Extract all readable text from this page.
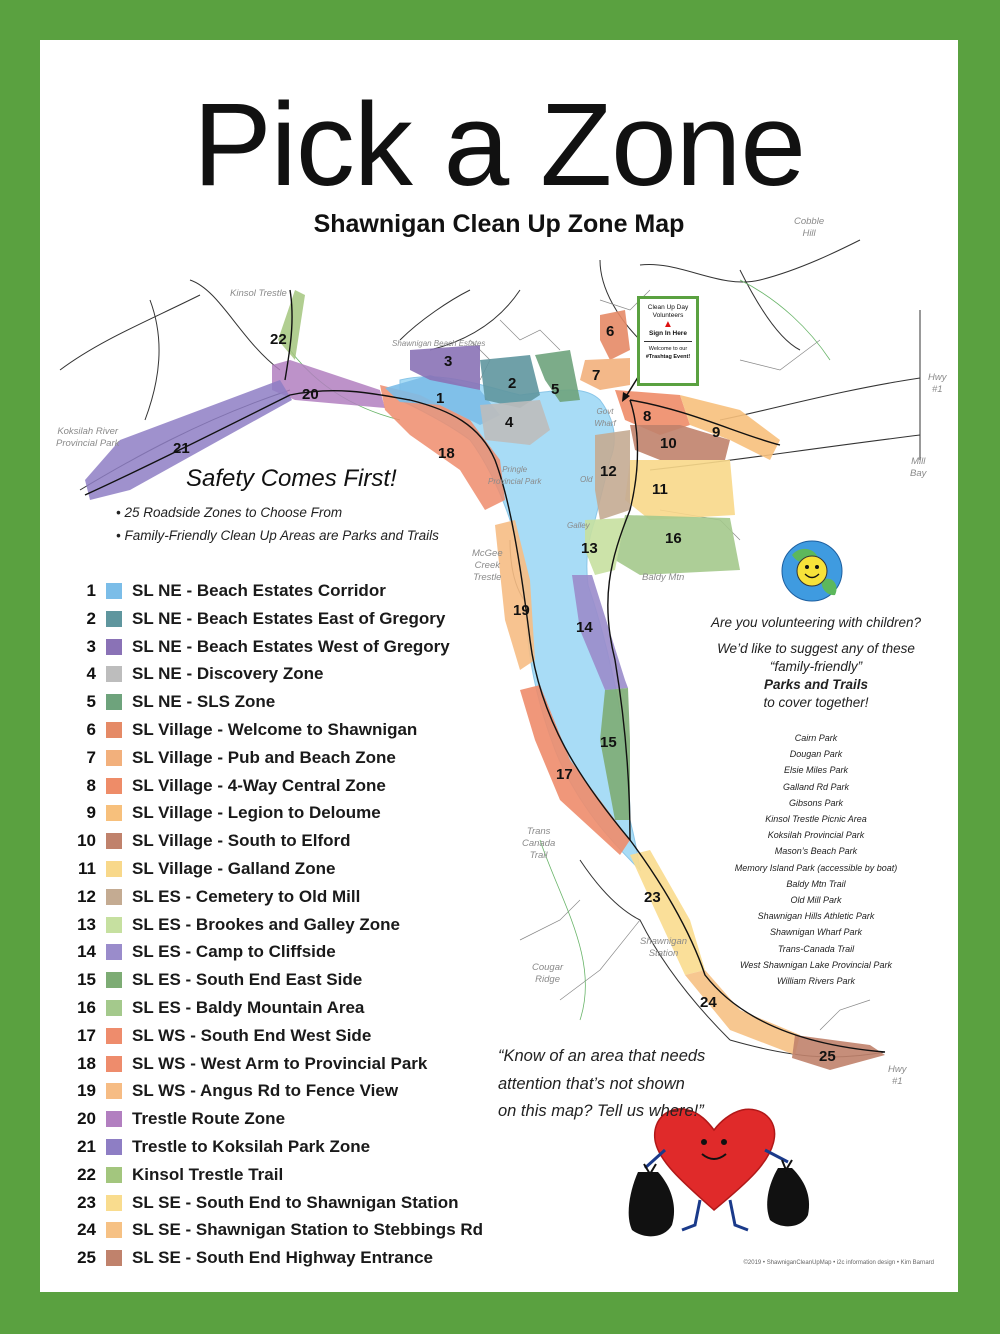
22
20
21	18
1
3
2
4
5
6
7
8
9
10
11
12
16
13
14
15
19
17
23
24
25
Pick a Zone
Shawnigan Clean Up Zone Map
Kinsol Trestle
Shawnigan Beach Estates
Koksilah River
Provincial Park
Cobble
Hill
Hwy
#1
Mill
Bay
Govt Wharf
Old
Galley
Pringle
Provincial Park
McGee
Creek
Trestle	Baldy Mtn
Trans
Canada
Trail
Shawnigan
Station
Cougar
Ridge
Hwy
#1
Clean Up Day
Volunteers
▲
Sign In Here
Welcome to our
#Trashtag Event!
Safety Comes First!
• 25 Roadside Zones to Choose From
• Family-Friendly Clean Up Areas are Parks and Trails
1 SL NE - Beach Estates Corridor
2 SL NE - Beach Estates East of Gregory
3 SL NE - Beach Estates West of Gregory
4 SL NE - Discovery Zone
5 SL NE - SLS Zone
6 SL Village - Welcome to Shawnigan
7 SL Village - Pub and Beach Zone
8 SL Village - 4-Way Central Zone
9 SL Village - Legion to Deloume
10 SL Village - South to Elford
11 SL Village - Galland Zone
12 SL ES - Cemetery to Old Mill
13 SL ES - Brookes and Galley Zone
14 SL ES - Camp to Cliffside
15 SL ES - South End East Side
16 SL ES - Baldy Mountain Area
17 SL WS - South End West Side
18 SL WS - West Arm to Provincial Park
19 SL WS - Angus Rd to Fence View
20 Trestle Route Zone
21 Trestle to Koksilah Park Zone
22 Kinsol Trestle Trail
23 SL SE - South End to Shawnigan Station
24 SL SE - Shawnigan Station to Stebbings Rd
25 SL SE - South End Highway Entrance
Are you volunteering with children?
We’d like to suggest any of these
“family-friendly”
Parks and Trails
to cover together!
Cairn Park
Dougan Park
Elsie Miles Park
Galland Rd Park
Gibsons Park
Kinsol Trestle Picnic Area
Koksilah Provincial Park
Mason’s Beach Park
Memory Island Park (accessible by boat)
Baldy Mtn Trail
Old Mill Park
Shawnigan Hills Athletic Park
Shawnigan Wharf Park
Trans-Canada Trail
West Shawnigan Lake Provincial Park
William Rivers Park
“Know of an area that needs
attention that’s not shown
on this map? Tell us where!”
©2019 • ShawniganCleanUpMap • i2c information design • Kim Barnard
